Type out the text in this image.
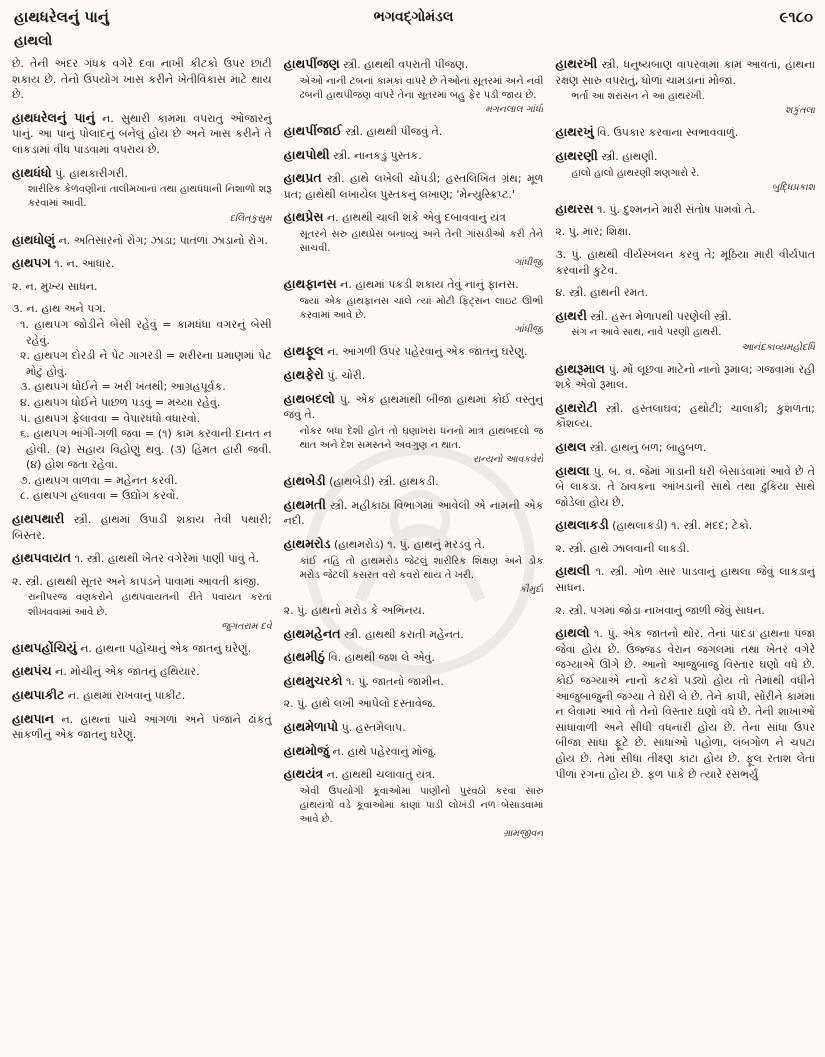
હાથધરેલનું પાનું	ભગવદ્ગોમંડલ	૯૧૮૦
હાથલો
છે. તેની અંદર ગંધક વગેરે દવા નાખી કીટકો ઉપર છાંટી શકાય છે. તેનો ઉપયોગ ખાસ કરીને ખેતીવિકાસ માટે થાય છે.
હાથધરેલનું પાનું ન. સુથારી કામમાં વપરાતું ઓજારનું પાનું. આ પાનું પોલાદનું બનેલું હોય છે અને ખાસ કરીને તે લાકડામાં વીંધ પાડવામાં વપરાય છે.
હાથધંધો પું. હાથકારીગરી.
શારીરિક કેળવણીનાં તાલીમખાનાં તથા હાથધંધાની નિશાળો શરૂ કરવામાં આવી.
દલિતકુસુમ
હાથધોણું ન. અતિસારનો રોગ; ઝાડા; પાતળા ઝાડાનો રોગ.
હાથપગ ૧. ન. આધાર.
૨. ન. મુખ્ય સાધન.
૩. ન. હાથ અને પગ.
૧. હાથપગ જોડીને બેસી રહેવું = કામધંધા વગરનું બેસી રહેવું.
૨. હાથપગ દોરડી ને પેટ ગાગરડી = શરીરના પ્રમાણમાં પેટ મોટું હોવું.
૩. હાથપગ ધોઈને = ખરી ખંતથી; આગ્રહપૂર્વક.
૪. હાથપગ ધોઈને પાછળ પડવું = મચ્યા રહેવું.
૫. હાથપગ ફેલાવવા = વેપારધંધો વધારવો.
૬. હાથપગ ભાંગી-ગળી જવા = (૧) કામ કરવાની દાનત ન હોવી. (૨) સહાય વિહોણું થવું. (૩) હિંમત હારી જવી. (૪) હોશ જતા રહેવા.
૭. હાથપગ વાળવા = મહેનત કરવી.
૮. હાથપગ હલાવવા = ઉદ્યોગ કરવો.
હાથપથારી સ્ત્રી. હાથમાં ઉપાડી શકાય તેવી પથારી; બિસ્તર.
હાથપવાયત ૧. સ્ત્રી. હાથથી ખેતર વગેરેમાં પાણી પાવું તે.
૨. સ્ત્રી. હાથથી સૂતર અને કાપડને પાવામાં આવતી કાંજી.
રાનીપરજ વણકરોને હાથપવાયતની રીતે પવાયત કરતાં શીખવવામાં આવે છે.
જુગતરામ દવે
હાથપહોંચિયું ન. હાથના પહોંચાનું એક જાતનું ઘરેણું.
હાથપંચ ન. મોચીનું એક જાતનું હથિયાર.
હાથપાકીટ ન. હાથમાં રાખવાનું પાકીટ.
હાથપાન ન. હાથનાં પાંચે આંગળાં અને પંજાને ઢાંકતું સાંકળીનું એક જાતનું ઘરેણું.
હાથપીંજણ સ્ત્રી. હાથથી વપરાતી પીંજણ.
એઓ નાની ટબનાં કામકાં વાપરે છે તેઓનાં સૂતરમાં અને નવી ઢબની હાથપીંજણ વાપરે તેના સૂતરમાં બહુ ફેર પડી જાય છે.
મગનલાલ ગાંધી
હાથપીંજાઈ સ્ત્રી. હાથથી પીંજવું તે.
હાથપોથી સ્ત્રી. નાનકડું પુસ્તક.
હાથપ્રત સ્ત્રી. હાથે લખેલી ચોપડી; હસ્તલિખિત ગ્રંથ; મૂળ પ્રત; હાથેથી લખાયેલ પુસ્તકનું લખાણ; 'મેન્યુસ્ક્રિપ્ટ.'
હાથપ્રેસ ન. હાથથી ચાલી શકે એવું દબાવવાનું યંત્ર
સૂતરને સરુ હાથપ્રેસ બનાવ્યું અને તેની ગાંસડીઓ કરી તેને સાચવી.
ગાંધીજી
હાથફાનસ ન. હાથમાં પકડી શકાય તેવું નાનું ફાનસ.
જ્યાં એક હાથફાનસ ચાલે ત્યાં મોટી ફિટ્સન લાઇટ ઊભી કરવામાં આવે છે.
ગાંધીજી
હાથફૂલ ન. આંગળી ઉપર પહેરવાનું એક જાતનું ઘરેણું.
હાથફેરો પું. ચોરી.
હાથબદલો પું. એક હાથમાંથી બીજા હાથમાં કોઈ વસ્તુનું જવું તે.
નોકર બધા દેશી હોત તો ઘણાખરા ધનનો માત્ર હાથબદલો જ થાત અને દેશ સમસ્તને અવગુણ ન થાત.
રાન્યનો આવકવેરો
હાથબેડી (હાથબેડી) સ્ત્રી. હાથકડી.
હાથમતી સ્ત્રી. મહીકાંઠા વિભાગમાં આવેલી એ નામની એક નદી.
હાથમરોડ (હાથમરોડ) ૧. પું. હાથનું મરડવું તે.
કાંઈ નહિ તો હાથમરોડ જેટલું શારીરિક શિક્ષણ અને ડોક મરોડ જેટલી કસરત વરો કવરો થાય તે ખરી.
કૌમુદી
૨. પું. હાથનો મરોડ કે અભિનય.
હાથમહેનત સ્ત્રી. હાથથી કરાતી મહેનત.
હાથમીઠું વિ. હાથથી જશ લે એવું.
હાથમુચરકો ૧. પું. જાતનો જામીન.
૨. પું. હાથે લખી આપેલો દસ્તાવેજ.
હાથમેળાપો પું. હસ્તમેલાપ.
હાથમોજું ન. હાથે પહેરવાનું મોજું.
હાથયંત્ર ન. હાથથી ચલાવાતું યંત્ર.
એવી ઉપયોગી કૂવાઓમાં પાણીનો પુરવઠો કરવા સારુ હાથયંત્રો વડે કૂવાઓમાં કાણાં પાડી લોખંડી નળ બેસાડવામાં આવે છે.
ગ્રામજીવન
હાથરખી સ્ત્રી. ધનુષ્યબાણ વાપરવામાં કામ આવતાં, હાથના રક્ષણ સારુ વપરાતું, ધોળાં ચામડાનાં મોજાં.
ભર્તા આ શરાસન ને આ હાથરખી.
શકુંતલા
હાથરખું વિ. ઉપકાર કરવાના સ્વભાવવાળું.
હાથરણી સ્ત્રી. હાથણી.
હાલો હાલો હાથરણી શણગારો રે.
બુદ્ધિપ્રકાશ
હાથરસ ૧. પું. દુશ્મનને મારી સંતોષ પામવો તે.
૨. પું. માર; શિક્ષા.
૩. પું. હાથથી વીર્યસ્ખલન કરવું તે; મૂઠિયાં મારી વીર્યપાત કરવાની કુટેવ.
૪. સ્ત્રી. હાથની રમત.
હાથરી સ્ત્રી. હસ્ત મેળાપથી પરણેલી સ્ત્રી.
સંગ ન આવે સાથ, નાવે પરણી હાથરી.
આનંદકાવ્યમહોદધિ
હાથરૂમાલ પું. મોં લૂછવા માટેનો નાનો રૂમાલ; ગજવામાં રહી શકે એવો રૂમાલ.
હાથરોટી સ્ત્રી. હસ્તલાઘવ; હથોટી; ચાલાકી; કુશળતા; કૌશલ્ય.
હાથલ સ્ત્રી. હાથનું બળ; બાહુબળ.
હાથલા પું. બ. વ. જેમાં ગાડાની ધરી બેસાડવામાં આવે છે તે બે લાકડાં. તે ઠાવકના આંખડાની સાથે તથા ઢુકિયા સાથે જોડેલાં હોય છે.
હાથલાકડી (હાથલાકડી) ૧. સ્ત્રી. મદદ; ટેકો.
૨. સ્ત્રી. હાથે ઝાલવાની લાકડી.
હાથલી ૧. સ્ત્રી. ગોળ સાર પાડવાનું હાથલા જેવું લાકડાનું સાધન.
૨. સ્ત્રી. પગમાં જોડા નાખવાનું જાળી જેવું સાધન.
હાથલો ૧. પું. એક જાતનો થોર. તેનાં પાંદડાં હાથના પંજા જેવાં હોય છે. ઉજ્જડ વેરાન જંગલમાં તથા ખેતર વગેરે જગ્યાએ ઊગે છે. આનો આજુબાજુ વિસ્તાર ઘણો વધે છે. કોઈ જગ્યાએ નાનો કટકો પડ્યો હોય તો તેમાંથી વધીને આજુબાજુની જગ્યા તે ઘેરી લે છે. તેને કાપી, સોરીને કામમાં ન લેવામાં આવે તો તેનો વિસ્તાર ઘણો વધે છે. તેની શાખાઓ સાંધાવાળી અને સીધી વધનારી હોય છે. તેના સાંધા ઉપર બીજા સાંધા ફૂટે છે. સાંધાઓ પહોળા, લંબગોળ ને ચપટા હોય છે. તેમાં સીધા તીક્ષ્ણ કાંટા હોય છે. ફૂલ રતાશ લેતાં પીળાં રંગનાં હોય છે. ફળ પાકે છે ત્યારે રસભર્યું
